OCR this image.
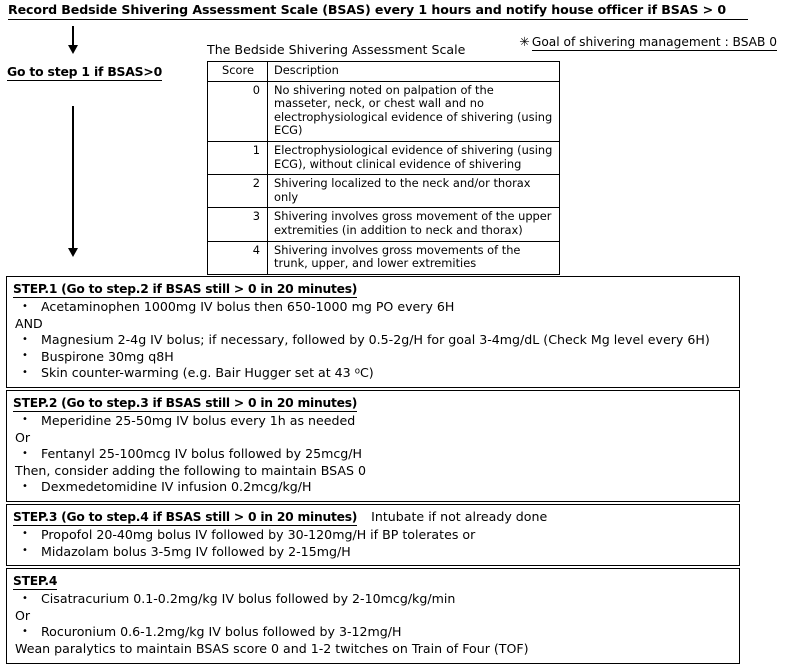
Record Bedside Shivering Assessment Scale (BSAS) every 1 hours and notify house officer if BSAS > 0
Go to step 1 if BSAS>0
✳ Goal of shivering management : BSAB 0
The Bedside Shivering Assessment Scale
Score	Description
0	No shivering noted on palpation of the masseter, neck, or chest wall and no electrophysiological evidence of shivering (using ECG)
1	Electrophysiological evidence of shivering (using ECG), without clinical evidence of shivering
2	Shivering localized to the neck and/or thorax only
3	Shivering involves gross movement of the upper extremities (in addition to neck and thorax)
4	Shivering involves gross movements of the trunk, upper, and lower extremities
STEP.1 (Go to step.2 if BSAS still > 0 in 20 minutes)
• Acetaminophen 1000mg IV bolus then 650-1000 mg PO every 6H
AND
• Magnesium 2-4g IV bolus; if necessary, followed by 0.5-2g/H for goal 3-4mg/dL (Check Mg level every 6H)
• Buspirone 30mg q8H
• Skin counter-warming (e.g. Bair Hugger set at 43 $^o$C)
STEP.2 (Go to step.3 if BSAS still > 0 in 20 minutes)
• Meperidine 25-50mg IV bolus every 1h as needed
Or
• Fentanyl 25-100mcg IV bolus followed by 25mcg/H
Then, consider adding the following to maintain BSAS 0
• Dexmedetomidine IV infusion 0.2mcg/kg/H
STEP.3 (Go to step.4 if BSAS still > 0 in 20 minutes) Intubate if not already done
• Propofol 20-40mg bolus IV followed by 30-120mg/H if BP tolerates or
• Midazolam bolus 3-5mg IV followed by 2-15mg/H
STEP.4
• Cisatracurium 0.1-0.2mg/kg IV bolus followed by 2-10mcg/kg/min
Or
• Rocuronium 0.6-1.2mg/kg IV bolus followed by 3-12mg/H
Wean paralytics to maintain BSAS score 0 and 1-2 twitches on Train of Four (TOF)
